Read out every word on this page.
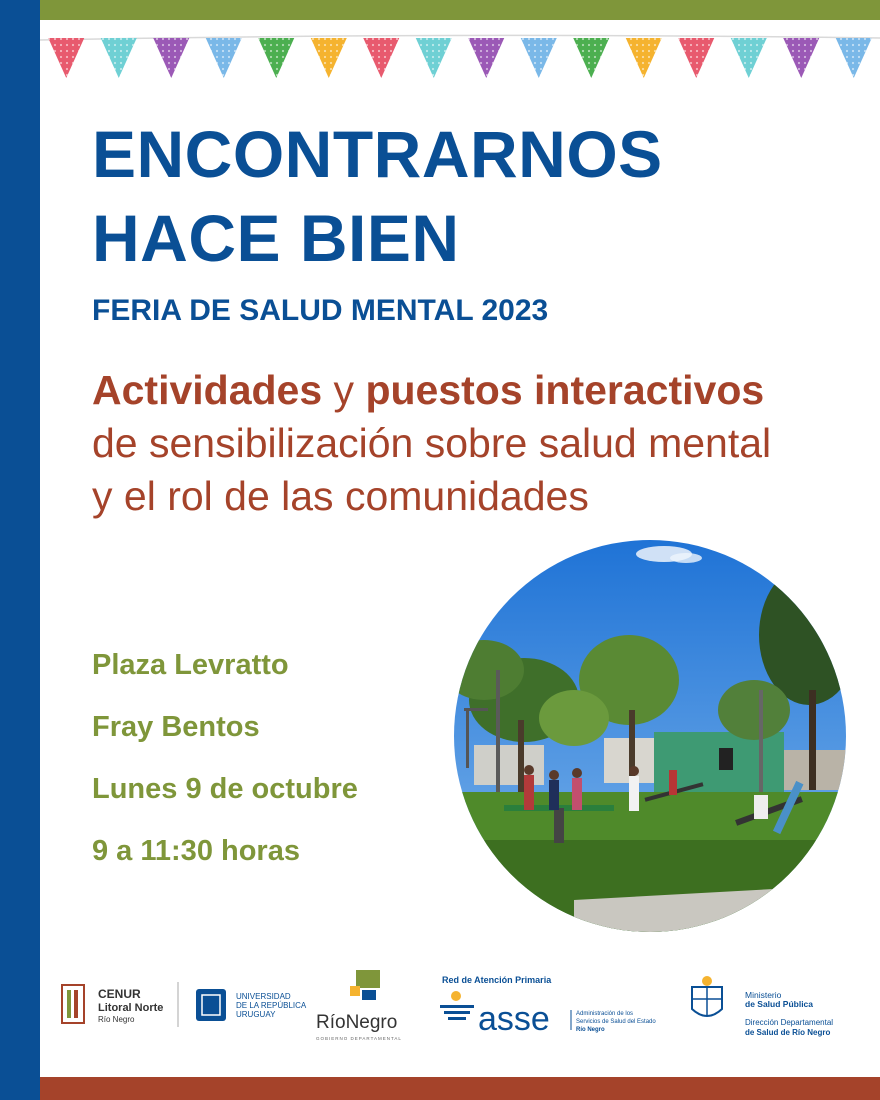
ENCONTRARNOS
HACE BIEN
FERIA DE SALUD MENTAL 2023
Actividades y puestos interactivos de sensibilización sobre salud mental y el rol de las comunidades
Plaza Levratto
Fray Bentos
Lunes 9 de octubre
9 a 11:30 horas
CENUR
Litoral Norte
Río Negro
UNIVERSIDAD
DE LA REPÚBLICA
URUGUAY RíoNegro
GOBIERNO DEPARTAMENTAL
Red de Atención Primaria
asse	Administración de los
Servicios de Salud del Estado
Río Negro
Ministerio
de Salud Pública
Dirección Departamental
de Salud de Río Negro
